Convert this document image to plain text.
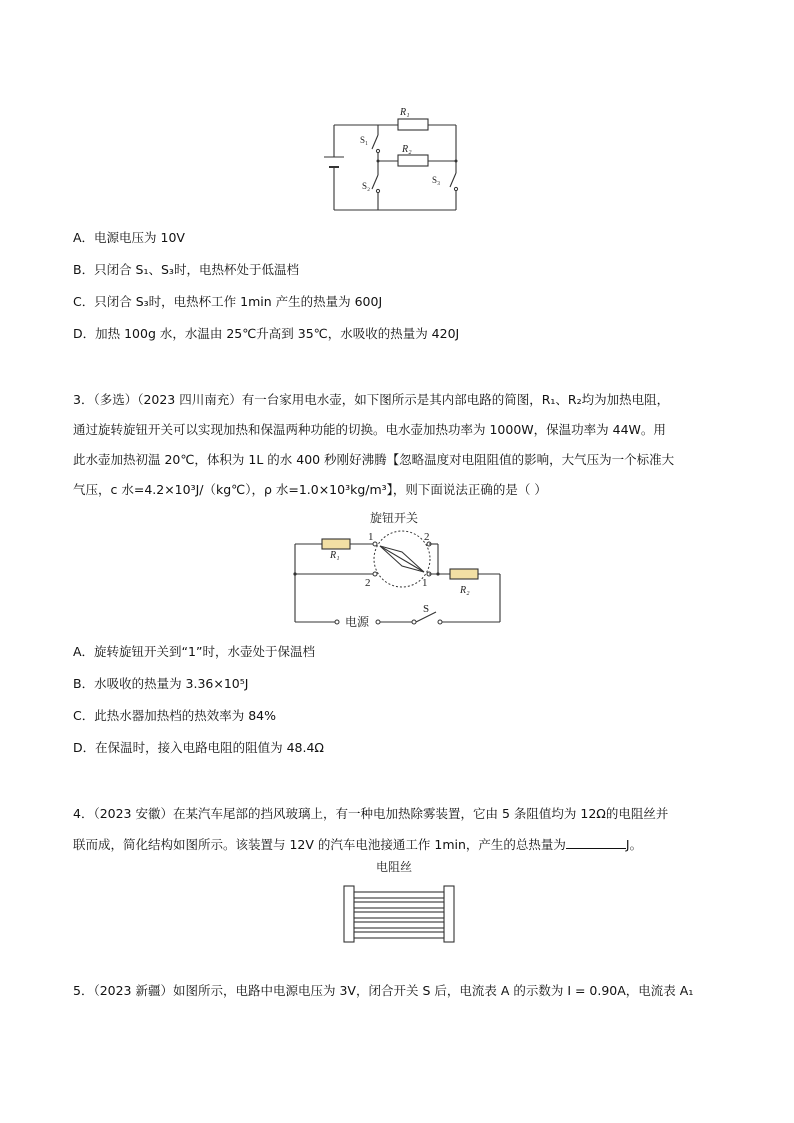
R₁
R₂
S₁
S₂
S₃
A．电源电压为 10V
B．只闭合 S₁、S₃时，电热杯处于低温档
C．只闭合 S₃时，电热杯工作 1min 产生的热量为 600J
D．加热 100g 水，水温由 25℃升高到 35℃，水吸收的热量为 420J
3．（多选）（2023 四川南充）有一台家用电水壶，如下图所示是其内部电路的简图，R₁、R₂均为加热电阻，
通过旋转旋钮开关可以实现加热和保温两种功能的切换。电水壶加热功率为 1000W，保温功率为 44W。用
此水壶加热初温 20℃，体积为 1L 的水 400 秒刚好沸腾【忽略温度对电阻阻值的影响，大气压为一个标准大
气压，c 水=4.2×10³J/（kg℃），ρ 水=1.0×10³kg/m³】，则下面说法正确的是（ ）
旋钮开关
R₁
R₂
1	2
2	1
电源
S
A．旋转旋钮开关到“1”时，水壶处于保温档
B．水吸收的热量为 3.36×10⁵J
C．此热水器加热档的热效率为 84%
D．在保温时，接入电路电阻的阻值为 48.4Ω
4．（2023 安徽）在某汽车尾部的挡风玻璃上，有一种电加热除雾装置，它由 5 条阻值均为 12Ω的电阻丝并
联而成，简化结构如图所示。该装置与 12V 的汽车电池接通工作 1min，产生的总热量为	J。
电阻丝
5．（2023 新疆）如图所示，电路中电源电压为 3V，闭合开关 S 后，电流表 A 的示数为 I = 0.90A，电流表 A₁
